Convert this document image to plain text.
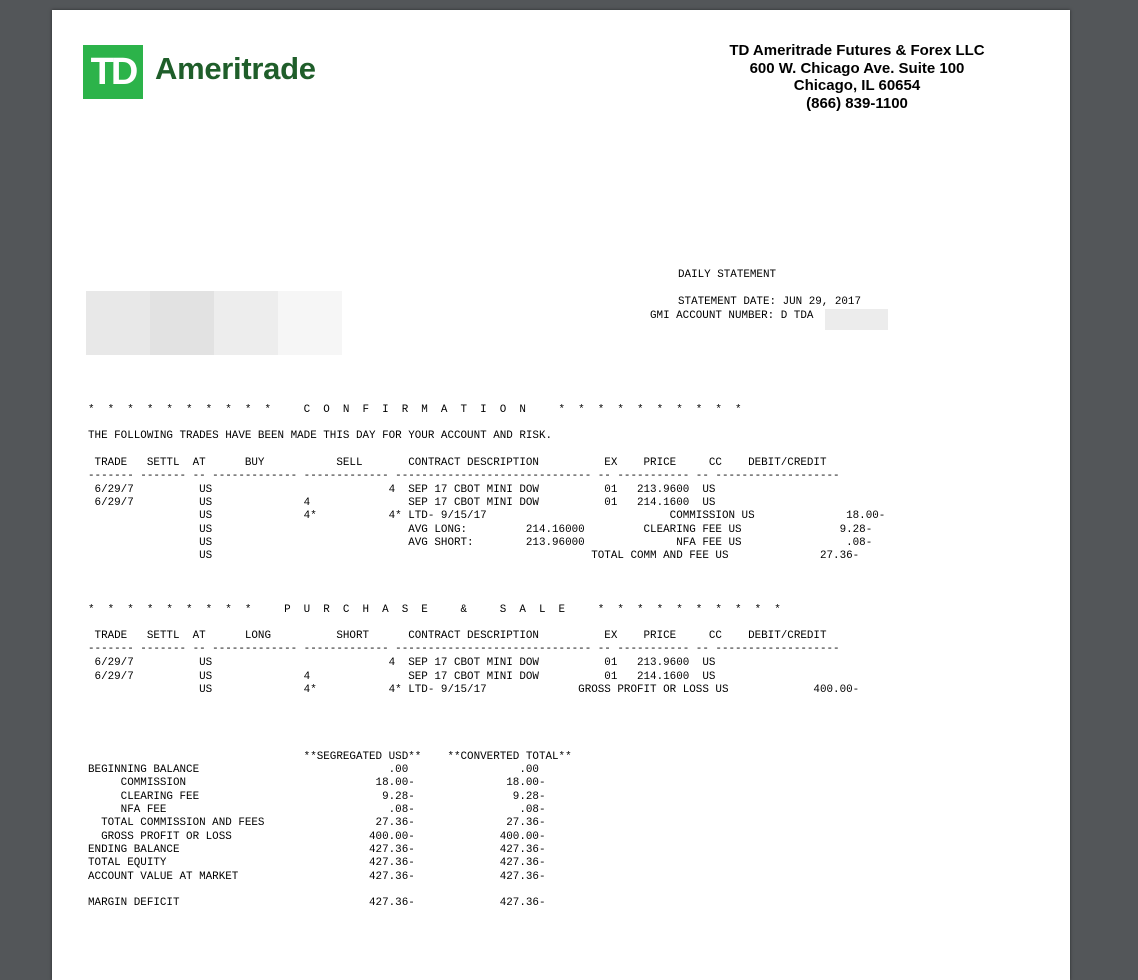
TD Ameritrade
TD Ameritrade Futures & Forex LLC
600 W. Chicago Ave. Suite 100
Chicago, IL 60654
(866) 839-1100
DAILY STATEMENT
STATEMENT DATE: JUN 29, 2017
GMI ACCOUNT NUMBER: D TDA
*  *  *  *  *  *  *  *  *  *     C  O  N  F  I  R  M  A  T  I  O  N     *  *  *  *  *  *  *  *  *  *
THE FOLLOWING TRADES HAVE BEEN MADE THIS DAY FOR YOUR ACCOUNT AND RISK.
TRADE   SETTL  AT      BUY           SELL       CONTRACT DESCRIPTION          EX    PRICE     CC    DEBIT/CREDIT
------- ------- -- ------------- ------------- ------------------------------ -- ----------- -- -------------------
6/29/7          US                           4  SEP 17 CBOT MINI DOW          01   213.9600  US
6/29/7          US              4               SEP 17 CBOT MINI DOW          01   214.1600  US
US              4*           4* LTD- 9/15/17                            COMMISSION US              18.00-
US                              AVG LONG:         214.16000         CLEARING FEE US               9.28-
US                              AVG SHORT:        213.96000              NFA FEE US                .08-
US                                                          TOTAL COMM AND FEE US              27.36-
*  *  *  *  *  *  *  *  *     P  U  R  C  H  A  S  E     &     S  A  L  E     *  *  *  *  *  *  *  *  *  *
TRADE   SETTL  AT      LONG          SHORT      CONTRACT DESCRIPTION          EX    PRICE     CC    DEBIT/CREDIT
------- ------- -- ------------- ------------- ------------------------------ -- ----------- -- -------------------
6/29/7          US                           4  SEP 17 CBOT MINI DOW          01   213.9600  US
6/29/7          US              4               SEP 17 CBOT MINI DOW          01   214.1600  US
US              4*           4* LTD- 9/15/17              GROSS PROFIT OR LOSS US             400.00-
**SEGREGATED USD**    **CONVERTED TOTAL**
BEGINNING BALANCE                             .00                 .00
COMMISSION                             18.00-              18.00-
CLEARING FEE                            9.28-               9.28-
NFA FEE                                  .08-                .08-
TOTAL COMMISSION AND FEES                 27.36-              27.36-
GROSS PROFIT OR LOSS                     400.00-             400.00-
ENDING BALANCE                             427.36-             427.36-
TOTAL EQUITY                               427.36-             427.36-
ACCOUNT VALUE AT MARKET                    427.36-             427.36-
MARGIN DEFICIT                             427.36-             427.36-
